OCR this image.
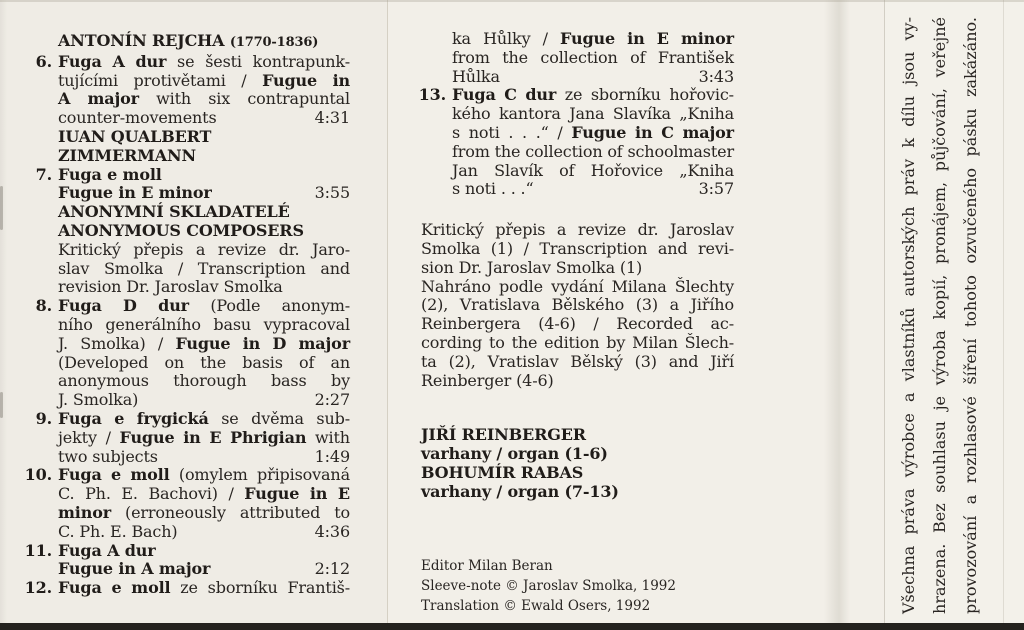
ANTONÍN REJCHA (1770-1836)
6. Fuga A dur se šesti kontrapunk-
tujícími protivětami / Fugue in
A major with six contrapuntal
counter-movements	4:31
IUAN QUALBERT
ZIMMERMANN
7. Fuga e moll
Fugue in E minor	3:55
ANONYMNÍ SKLADATELÉ
ANONYMOUS COMPOSERS
Kritický přepis a revize dr. Jaro-
slav Smolka / Transcription and
revision Dr. Jaroslav Smolka
8. Fuga D dur (Podle anonym-
ního generálního basu vypracoval
J. Smolka) / Fugue in D major
(Developed on the basis of an
anonymous thorough bass by
J. Smolka)	2:27
9. Fuga e frygická se dvěma sub-
jekty / Fugue in E Phrigian with
two subjects	1:49
10. Fuga e moll (omylem připisovaná
C. Ph. E. Bachovi) / Fugue in E
minor (erroneously attributed to
C. Ph. E. Bach)	4:36
11. Fuga A dur
Fugue in A major	2:12
12. Fuga e moll ze sborníku Františ-
ka Hůlky / Fugue in E minor
from the collection of František
Hůlka	3:43
13. Fuga C dur ze sborníku hořovic-
kého kantora Jana Slavíka „Kniha
s noti . . .“ / Fugue in C major
from the collection of schoolmaster
Jan Slavík of Hořovice „Kniha
s noti . . .“	3:57
Kritický přepis a revize dr. Jaroslav
Smolka (1) / Transcription and revi-
sion Dr. Jaroslav Smolka (1)
Nahráno podle vydání Milana Šlechty
(2), Vratislava Bělského (3) a Jiřího
Reinbergera (4-6) / Recorded ac-
cording to the edition by Milan Šlech-
ta (2), Vratislav Bělský (3) and Jiří
Reinberger (4-6)
JIŘÍ REINBERGER
varhany / organ (1-6)
BOHUMÍR RABAS
varhany / organ (7-13)
Editor Milan Beran
Sleeve-note © Jaroslav Smolka, 1992
Translation © Ewald Osers, 1992	Všechna práva výrobce a vlastníků autorských práv k dílu jsou vy- hrazena. Bez souhlasu je výroba kopií, pronájem, půjčování, veřejné provozování a rozhlasové šíření tohoto ozvučeného pásku zakázáno.
